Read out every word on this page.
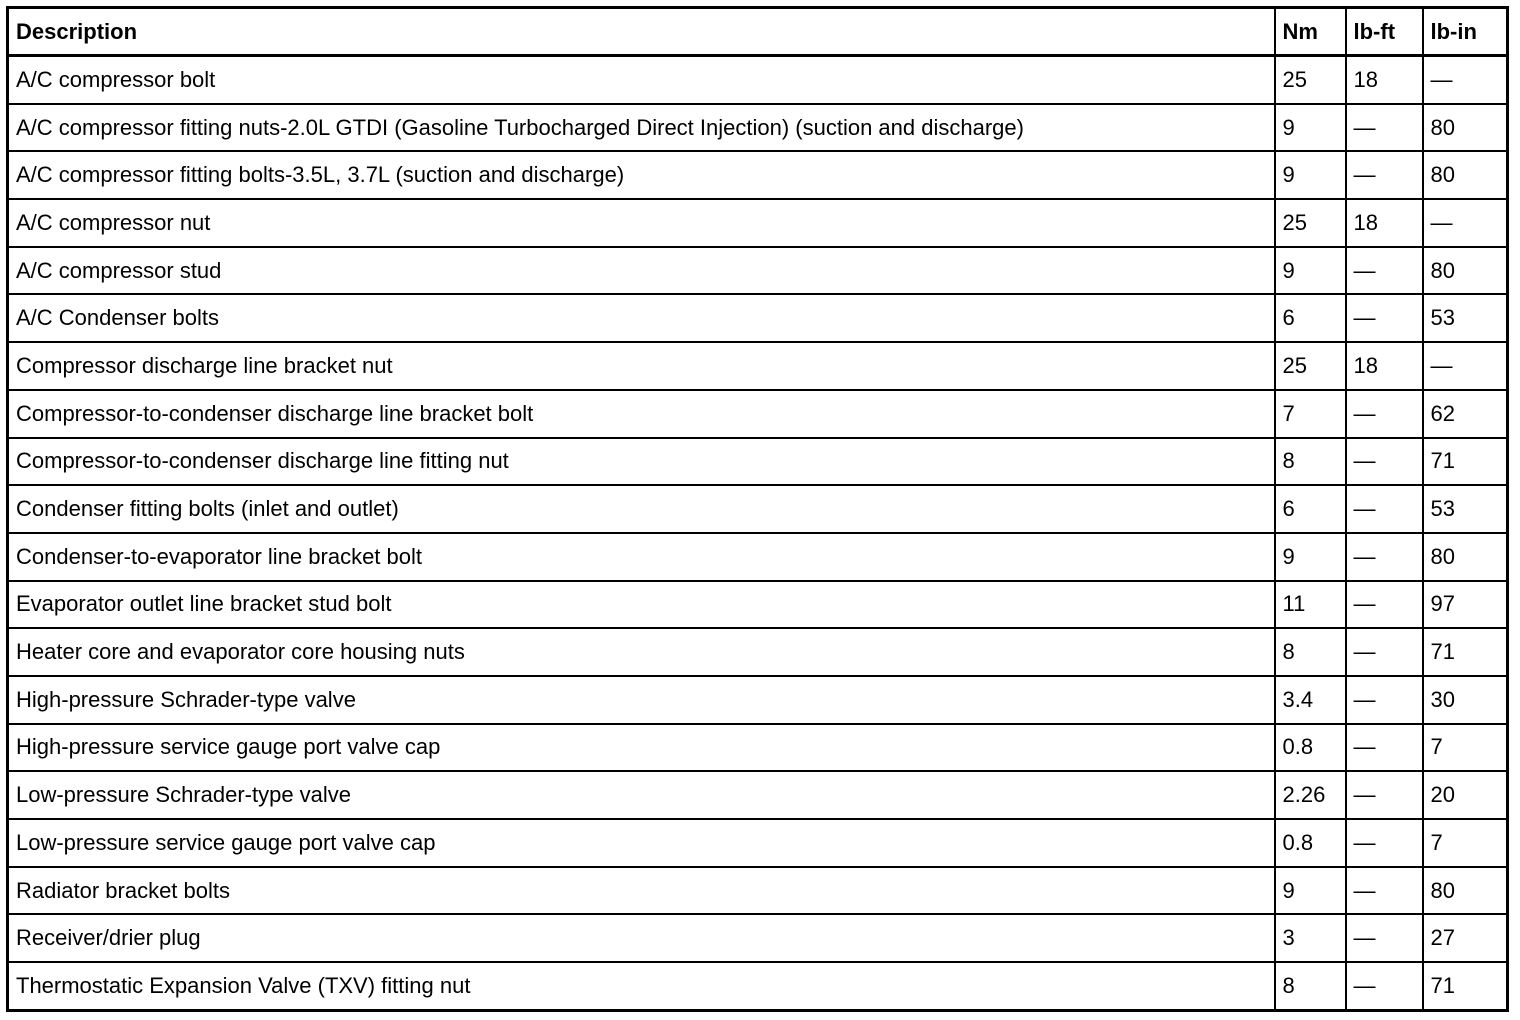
Description	Nm	lb-ft	lb-in
A/C compressor bolt	25	18	—
A/C compressor fitting nuts-2.0L GTDI (Gasoline Turbocharged Direct Injection) (suction and discharge)	9	—	80
A/C compressor fitting bolts-3.5L, 3.7L (suction and discharge)	9	—	80
A/C compressor nut	25	18	—
A/C compressor stud	9	—	80
A/C Condenser bolts	6	—	53
Compressor discharge line bracket nut	25	18	—
Compressor-to-condenser discharge line bracket bolt	7	—	62
Compressor-to-condenser discharge line fitting nut	8	—	71
Condenser fitting bolts (inlet and outlet)	6	—	53
Condenser-to-evaporator line bracket bolt	9	—	80
Evaporator outlet line bracket stud bolt	11	—	97
Heater core and evaporator core housing nuts	8	—	71
High-pressure Schrader-type valve	3.4	—	30
High-pressure service gauge port valve cap	0.8	—	7
Low-pressure Schrader-type valve	2.26	—	20
Low-pressure service gauge port valve cap	0.8	—	7
Radiator bracket bolts	9	—	80
Receiver/drier plug	3	—	27
Thermostatic Expansion Valve (TXV) fitting nut	8	—	71
